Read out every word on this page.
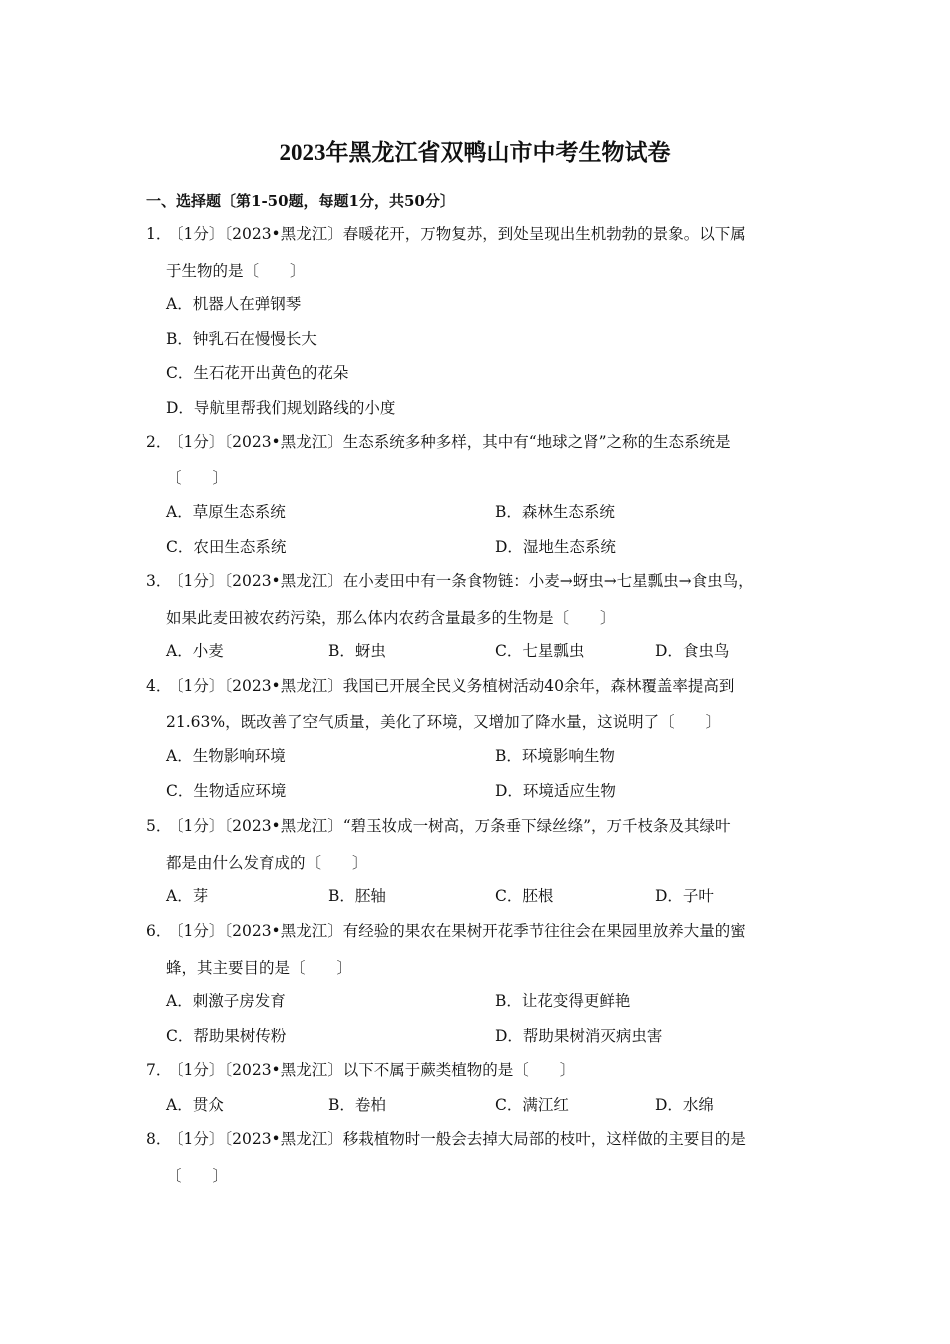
2023年黑龙江省双鸭山市中考生物试卷
一、选择题〔第1-50题，每题1分，共50分〕
1．〔1分〕〔2023•黑龙江〕春暖花开，万物复苏，到处呈现出生机勃勃的景象。以下属
于生物的是〔　　〕
A．机器人在弹钢琴
B．钟乳石在慢慢长大
C．生石花开出黄色的花朵
D．导航里帮我们规划路线的小度
2．〔1分〕〔2023•黑龙江〕生态系统多种多样，其中有“地球之肾”之称的生态系统是
〔　　〕
A．草原生态系统	B．森林生态系统
C．农田生态系统	D．湿地生态系统
3．〔1分〕〔2023•黑龙江〕在小麦田中有一条食物链：小麦→蚜虫→七星瓢虫→食虫鸟，
如果此麦田被农药污染，那么体内农药含量最多的生物是〔　　〕
A．小麦	B．蚜虫	C．七星瓢虫	D．食虫鸟
4．〔1分〕〔2023•黑龙江〕我国已开展全民义务植树活动40余年，森林覆盖率提高到
21.63%，既改善了空气质量，美化了环境，又增加了降水量，这说明了〔　　〕
A．生物影响环境	B．环境影响生物
C．生物适应环境	D．环境适应生物
5．〔1分〕〔2023•黑龙江〕“碧玉妆成一树高，万条垂下绿丝绦”，万千枝条及其绿叶
都是由什么发育成的〔　　〕
A．芽	B．胚轴	C．胚根	D．子叶
6．〔1分〕〔2023•黑龙江〕有经验的果农在果树开花季节往往会在果园里放养大量的蜜
蜂，其主要目的是〔　　〕
A．刺激子房发育	B．让花变得更鲜艳
C．帮助果树传粉	D．帮助果树消灭病虫害
7．〔1分〕〔2023•黑龙江〕以下不属于蕨类植物的是〔　　〕
A．贯众	B．卷柏	C．满江红	D．水绵
8．〔1分〕〔2023•黑龙江〕移栽植物时一般会去掉大局部的枝叶，这样做的主要目的是
〔　　〕
